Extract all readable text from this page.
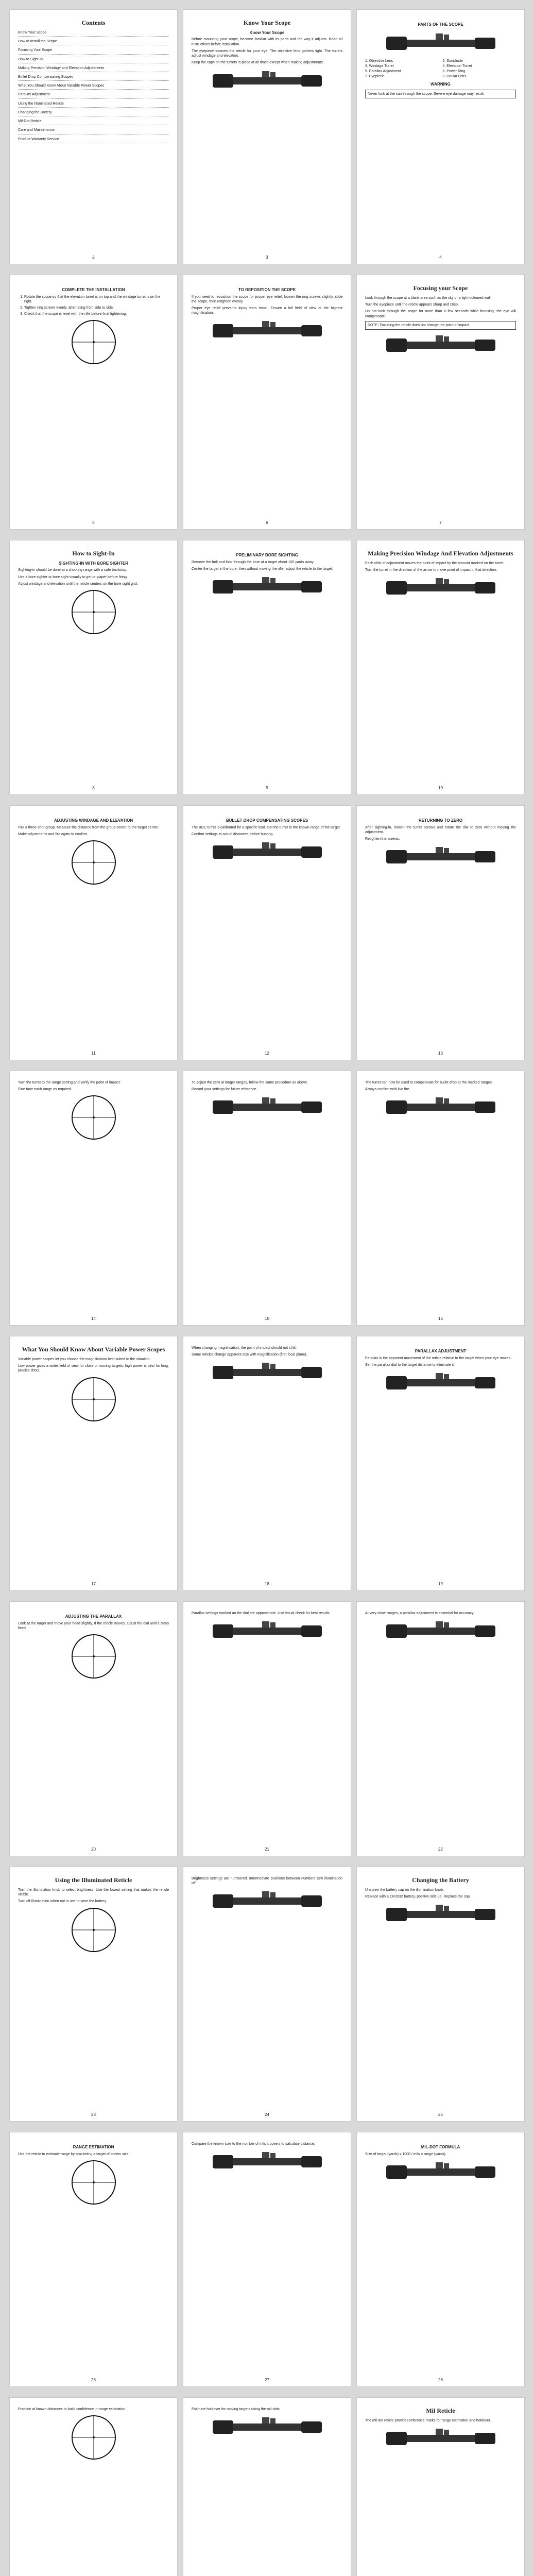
Contents
Know Your Scope
How to Install the Scope
Focusing Your Scope
How to Sight-In
Making Precision Windage and Elevation Adjustments
Bullet Drop Compensating Scopes
What You Should Know About Variable Power Scopes
Parallax Adjustment
Using the Illuminated Reticle
Changing the Battery
Mil-Dot Reticle
Care and Maintenance
Product Warranty Service
2
Know Your Scope
Know Your Scope

Before mounting your scope, become familiar with its parts and the way it adjusts. Read all instructions before installation.

The eyepiece focuses the reticle for your eye. The objective lens gathers light. The turrets adjust windage and elevation.

Keep the caps on the turrets in place at all times except when making adjustments.

3
PARTS OF THE SCOPE
1. Objective Lens	2. Sunshade
3. Windage Turret	4. Elevation Turret
5. Parallax Adjustment	6. Power Ring
7. Eyepiece	8. Ocular Lens
WARNING
Never look at the sun through the scope. Severe eye damage may result.
4
COMPLETE THE INSTALLATION
1. Rotate the scope so that the elevation turret is on top and the windage turret is on the right.
2. Tighten ring screws evenly, alternating from side to side.
3. Check that the scope is level with the rifle before final tightening.
5
TO REPOSITION THE SCOPE

If you need to reposition the scope for proper eye relief, loosen the ring screws slightly, slide the scope, then retighten evenly.

Proper eye relief prevents injury from recoil. Ensure a full field of view at the highest magnification.

6
Focusing your Scope

Look through the scope at a blank area such as the sky or a light-coloured wall.

Turn the eyepiece until the reticle appears sharp and crisp.

Do not look through the scope for more than a few seconds while focusing; the eye will compensate.

NOTE: Focusing the reticle does not change the point of impact.
7
How to Sight-In
SIGHTING-IN WITH BORE SIGHTER

Sighting-in should be done at a shooting range with a safe backstop.

Use a bore sighter or bore sight visually to get on paper before firing.

Adjust windage and elevation until the reticle centers on the bore sight grid.

8
PRELIMINARY BORE SIGHTING

Remove the bolt and look through the bore at a target about 100 yards away.

Center the target in the bore, then without moving the rifle, adjust the reticle to the target.

9
Making Precision Windage And Elevation Adjustments

Each click of adjustment moves the point of impact by the amount marked on the turret.

Turn the turret in the direction of the arrow to move point of impact in that direction.

10
ADJUSTING WINDAGE AND ELEVATION

Fire a three-shot group. Measure the distance from the group center to the target center.

Make adjustments and fire again to confirm.

11
BULLET DROP COMPENSATING SCOPES

The BDC turret is calibrated for a specific load. Set the turret to the known range of the target.

Confirm settings at actual distances before hunting.

12
RETURNING TO ZERO

After sighting-in, loosen the turret screws and rotate the dial to zero without moving the adjustment.

Retighten the screws.

13

Turn the turret to the range setting and verify the point of impact.

Fine tune each range as required.

14

To adjust the zero at longer ranges, follow the same procedure as above.

Record your settings for future reference.

15

The turret can now be used to compensate for bullet drop at the marked ranges.

Always confirm with live fire.

16
What You Should Know About Variable Power Scopes

Variable power scopes let you choose the magnification best suited to the situation.

Low power gives a wider field of view for close or moving targets; high power is best for long, precise shots.

17

When changing magnification, the point of impact should not shift.

Some reticles change apparent size with magnification (first focal plane).

18
PARALLAX ADJUSTMENT

Parallax is the apparent movement of the reticle relative to the target when your eye moves.

Set the parallax dial to the target distance to eliminate it.

19
ADJUSTING THE PARALLAX

Look at the target and move your head slightly. If the reticle moves, adjust the dial until it stays fixed.

20

Parallax settings marked on the dial are approximate. Use visual check for best results.

21

At very close ranges, a parallax adjustment is essential for accuracy.

22
Using the Illuminated Reticle

Turn the illumination knob to select brightness. Use the lowest setting that makes the reticle visible.

Turn off illumination when not in use to save the battery.

23

Brightness settings are numbered. Intermediate positions between numbers turn illumination off.

24
Changing the Battery

Unscrew the battery cap on the illumination knob.

Replace with a CR2032 battery, positive side up. Replace the cap.

25
RANGE ESTIMATION

Use the reticle to estimate range by bracketing a target of known size.

26

Compare the known size to the number of mils it covers to calculate distance.

27
MIL-DOT FORMULA

Size of target (yards) x 1000 / mils = range (yards).

28

Practice at known distances to build confidence in range estimation.	Estimate holdover for moving targets using the mil-dots.	Mil Reticle

The mil-dot reticle provides reference marks for range estimation and holdover.
